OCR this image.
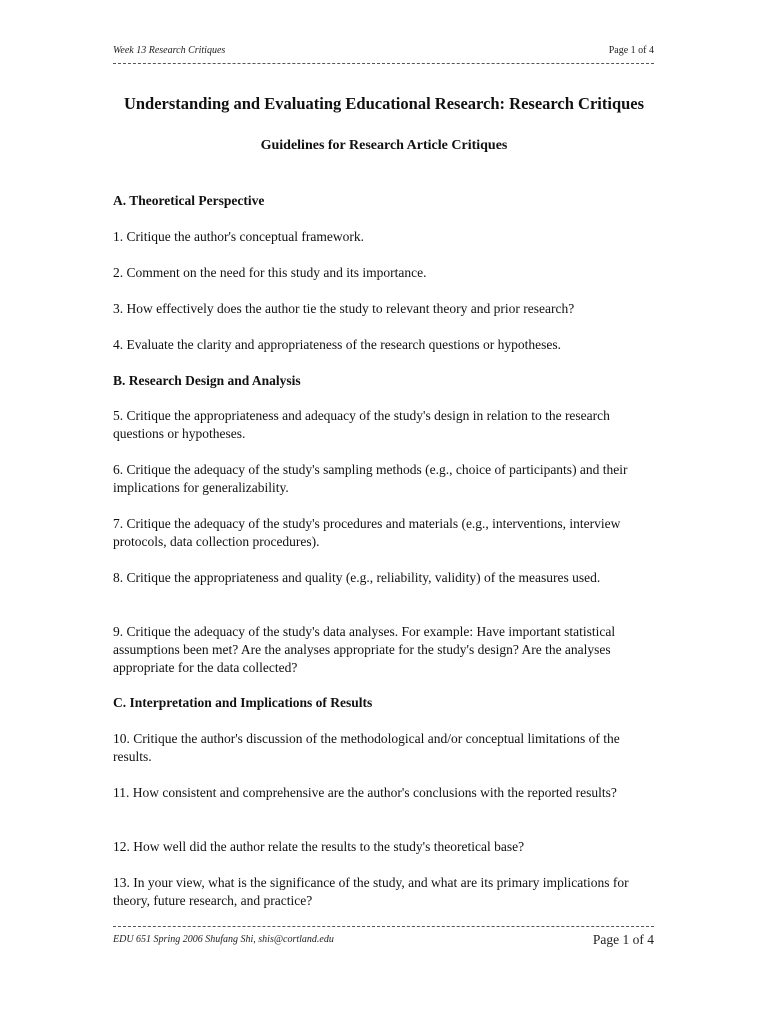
Week 13 Research Critiques	Page 1 of 4
Understanding and Evaluating Educational Research: Research Critiques
Guidelines for Research Article Critiques
A. Theoretical Perspective
1. Critique the author's conceptual framework.
2. Comment on the need for this study and its importance.
3. How effectively does the author tie the study to relevant theory and prior research?
4. Evaluate the clarity and appropriateness of the research questions or hypotheses.
B. Research Design and Analysis
5. Critique the appropriateness and adequacy of the study's design in relation to the research questions or hypotheses.
6. Critique the adequacy of the study's sampling methods (e.g., choice of participants) and their implications for generalizability.
7. Critique the adequacy of the study's procedures and materials (e.g., interventions, interview protocols, data collection procedures).
8. Critique the appropriateness and quality (e.g., reliability, validity) of the measures used.
9. Critique the adequacy of the study's data analyses. For example: Have important statistical assumptions been met? Are the analyses appropriate for the study's design? Are the analyses appropriate for the data collected?
C. Interpretation and Implications of Results
10. Critique the author's discussion of the methodological and/or conceptual limitations of the results.
11. How consistent and comprehensive are the author's conclusions with the reported results?
12. How well did the author relate the results to the study's theoretical base?
13. In your view, what is the significance of the study, and what are its primary implications for theory, future research, and practice?
EDU 651 Spring 2006 Shufang Shi, shis@cortland.edu	Page 1 of 4
